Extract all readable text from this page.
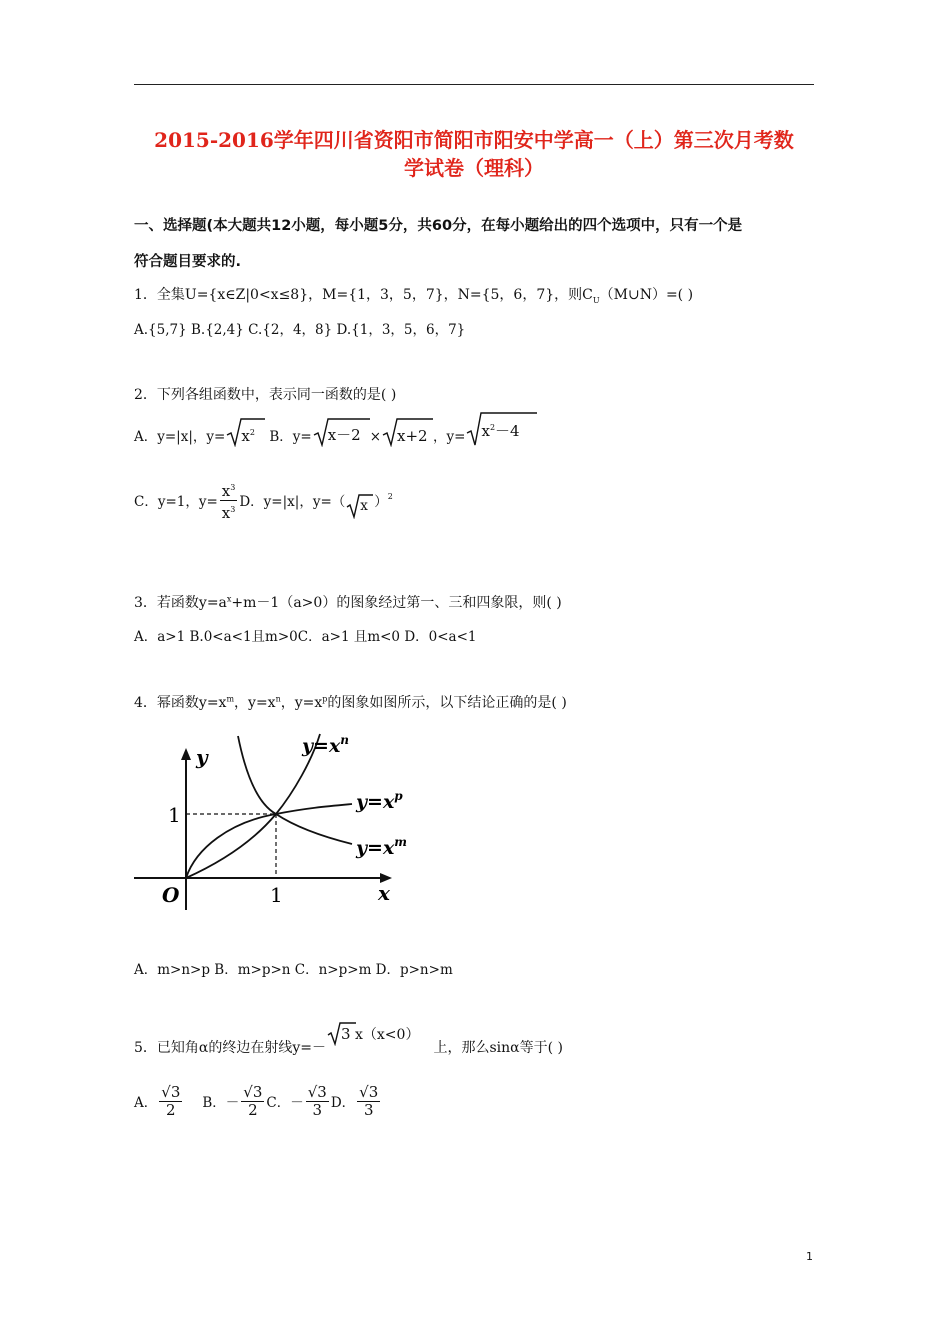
2015-2016学年四川省资阳市简阳市阳安中学高一（上）第三次月考数
学试卷（理科）
一、选择题(本大题共12小题，每小题5分，共60分，在每小题给出的四个选项中，只有一个是
符合题目要求的.
1．全集U={x∈Z|0<x≤8}，M={1，3，5，7}，N={5，6，7}，则$C_U(M\cup N)=$( )
A.{5,7} B.{2,4} C.{2，4，8} D.{1，3，5，6，7}
2．下列各组函数中，表示同一函数的是( )
A．y=|x|，$y= x^2$	B．y= x－2 × x+2 ，$y= x^2-4$
C．y=1，$y= \frac{x^3}{x^3}$ D．y=|x|，y=（ x ）$^2$
3．若函数$y=a^x+m-1(a>0)$的图象经过第一、三和四象限，则( )
A．a>1 B.0<a<1且m>0C．a>1 且m<0 D．0<a<1
4．幂函数$y=x^m$，$y=x^n$，$y=x^p$的图象如图所示，以下结论正确的是( )
y
x
O
1
1
$y=x^n$
$y=x^p$
$y=x^m$
A．m>n>p B．m>p>n C．n>p>m D．p>n>m
5．已知角α的终边在射线y=－
3 x（x<0）
上，那么sinα等于( )
A． $\frac{√3}{2}$ B．－ $\frac{√3}{2}$ C．－ $\frac{√3}{3}$ D． $\frac{√3}{3}$
1
